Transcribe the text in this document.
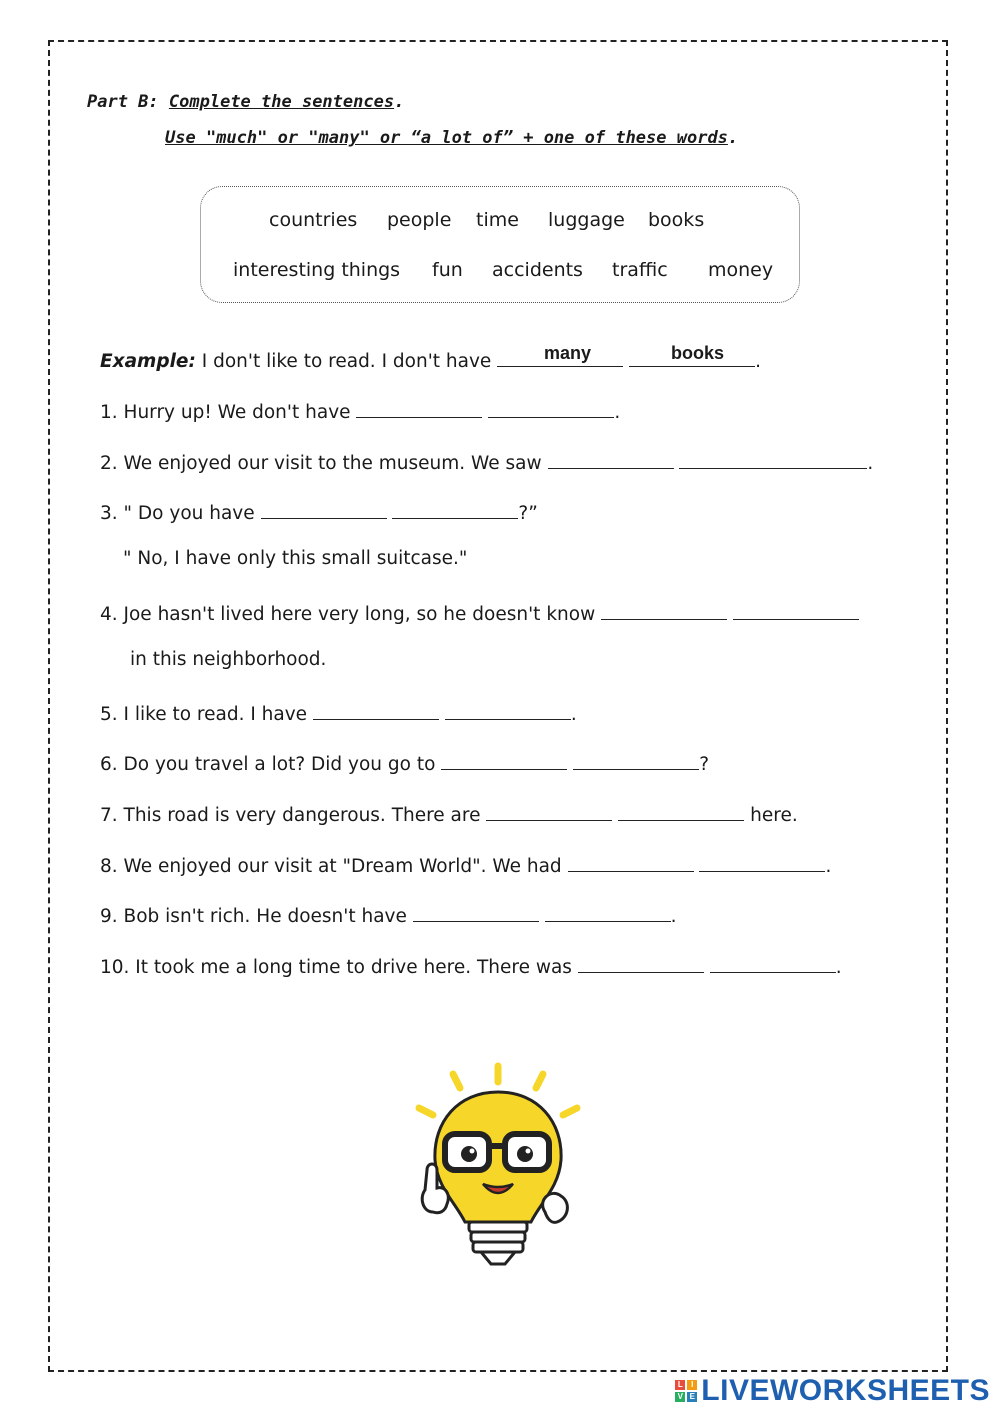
Part B: Complete the sentences.
Use "much" or "many" or “a lot of” + one of these words.
countries people time luggage books
interesting things fun accidents traffic money
Example: I don't like to read. I don't have	.
many	books
1. Hurry up! We don't have	.
2. We enjoyed our visit to the museum. We saw	.
3. " Do you have	?”
" No, I have only this small suitcase."
4. Joe hasn't lived here very long, so he doesn't know
in this neighborhood.
5. I like to read. I have	.
6. Do you travel a lot? Did you go to	?
7. This road is very dangerous. There are	here.
8. We enjoyed our visit at "Dream World". We had	.
9. Bob isn't rich. He doesn't have	.
10. It took me a long time to drive here. There was	.
L	I
V E LIVEWORKSHEETS
